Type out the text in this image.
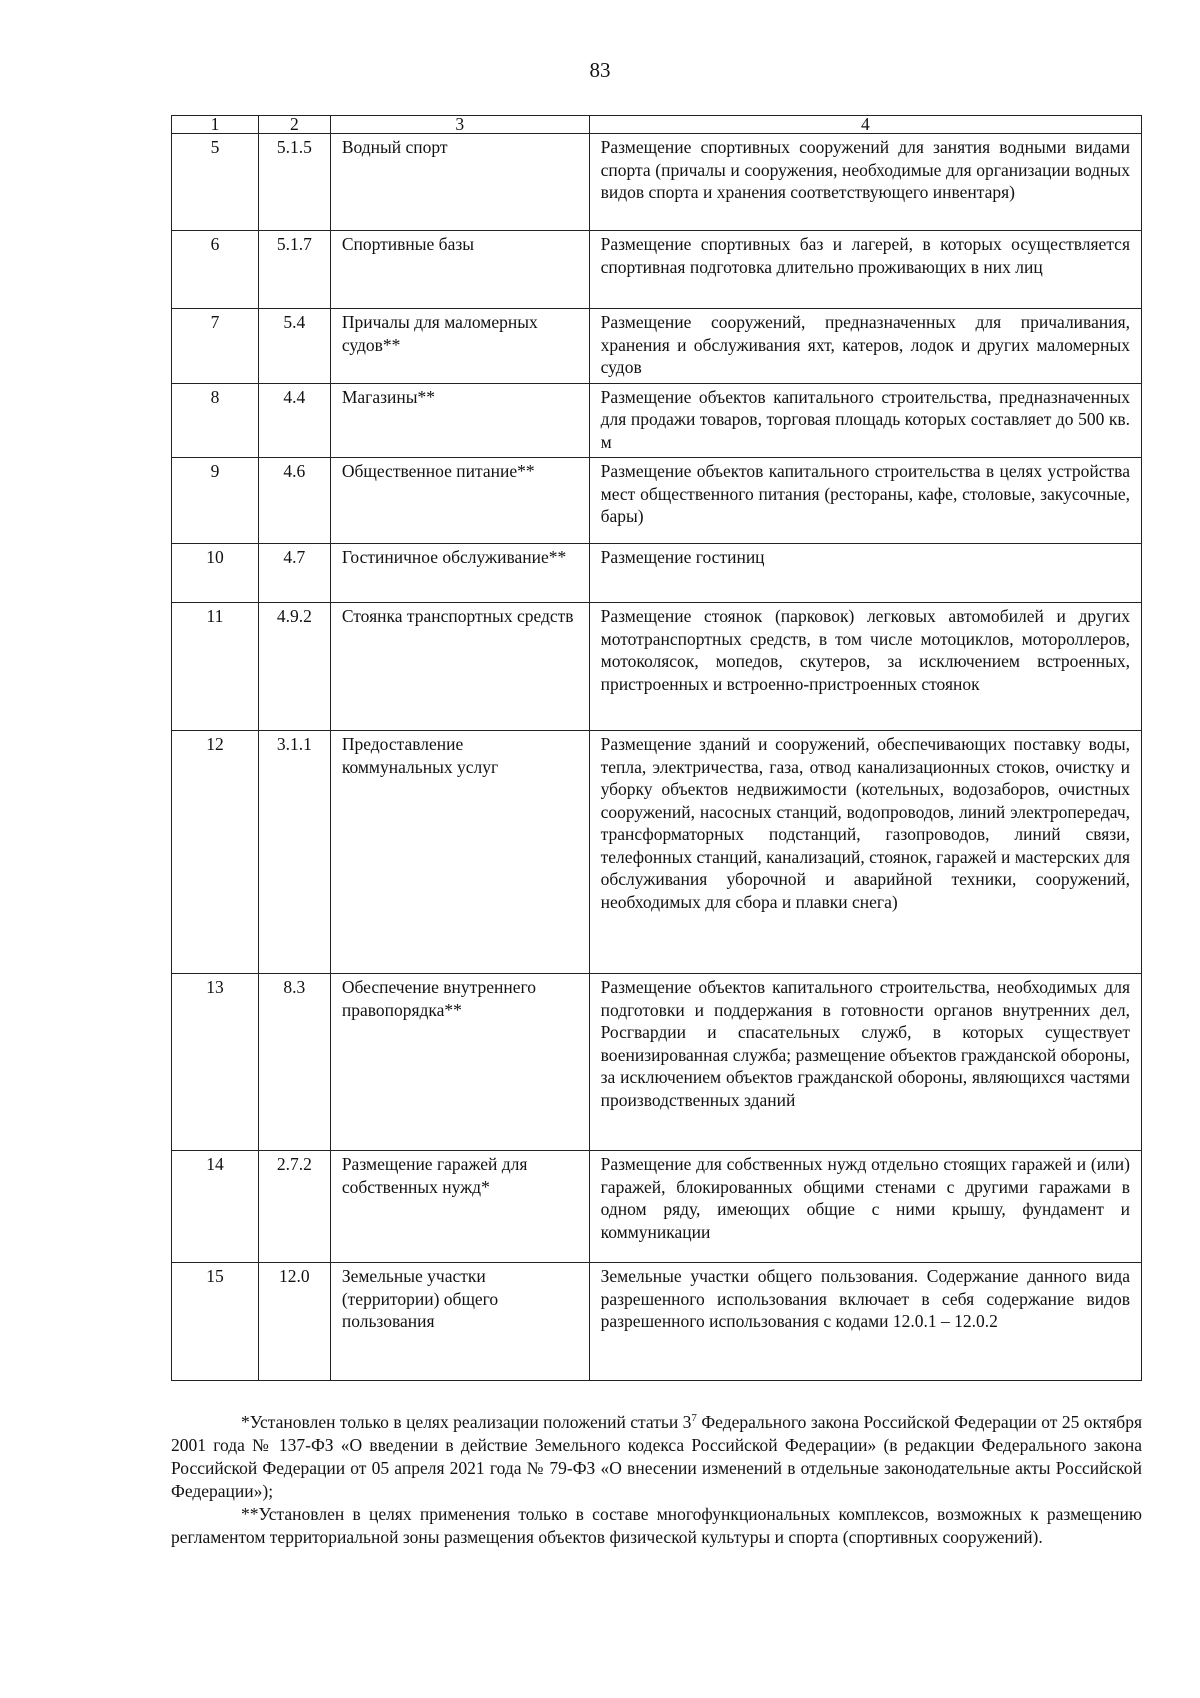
83
1	2	3	4
5	5.1.5	Водный спорт	Размещение спортивных сооружений для занятия водными видами спорта (причалы и сооружения, необходимые для организации водных видов спорта и хранения соответствующего инвентаря)
6	5.1.7	Спортивные базы	Размещение спортивных баз и лагерей, в которых осуществляется спортивная подготовка длительно проживающих в них лиц
7	5.4	Причалы для маломерных судов**	Размещение сооружений, предназначенных для причаливания, хранения и обслуживания яхт, катеров, лодок и других маломерных судов
8	4.4	Магазины**	Размещение объектов капитального строительства, предназначенных для продажи товаров, торговая площадь которых составляет до 500 кв. м
9	4.6	Общественное питание**	Размещение объектов капитального строительства в целях устройства мест общественного питания (рестораны, кафе, столовые, закусочные, бары)
10	4.7	Гостиничное обслуживание**	Размещение гостиниц
11	4.9.2	Стоянка транспортных средств	Размещение стоянок (парковок) легковых автомобилей и других мототранспортных средств, в том числе мотоциклов, мотороллеров, мотоколясок, мопедов, скутеров, за исключением встроенных, пристроенных и встроенно-пристроенных стоянок
12	3.1.1	Предоставление коммунальных услуг	Размещение зданий и сооружений, обеспечивающих поставку воды, тепла, электричества, газа, отвод канализационных стоков, очистку и уборку объектов недвижимости (котельных, водозаборов, очистных сооружений, насосных станций, водопроводов, линий электропередач, трансформаторных подстанций, газопроводов, линий связи, телефонных станций, канализаций, стоянок, гаражей и мастерских для обслуживания уборочной и аварийной техники, сооружений, необходимых для сбора и плавки снега)
13	8.3	Обеспечение внутреннего правопорядка**	Размещение объектов капитального строительства, необходимых для подготовки и поддержания в готовности органов внутренних дел, Росгвардии и спасательных служб, в которых существует военизированная служба; размещение объектов гражданской обороны, за исключением объектов гражданской обороны, являющихся частями производственных зданий
14	2.7.2	Размещение гаражей для собственных нужд*	Размещение для собственных нужд отдельно стоящих гаражей и (или) гаражей, блокированных общими стенами с другими гаражами в одном ряду, имеющих общие с ними крышу, фундамент и коммуникации
15	12.0	Земельные участки (территории) общего пользования	Земельные участки общего пользования. Содержание данного вида разрешенного использования включает в себя содержание видов разрешенного использования с кодами 12.0.1 – 12.0.2

*Установлен только в целях реализации положений статьи $3^7$ Федерального закона Российской Федерации от 25 октября 2001 года № 137-ФЗ «О введении в действие Земельного кодекса Российской Федерации» (в редакции Федерального закона Российской Федерации от 05 апреля 2021 года № 79-ФЗ «О внесении изменений в отдельные законодательные акты Российской Федерации»);

**Установлен в целях применения только в составе многофункциональных комплексов, возможных к размещению регламентом территориальной зоны размещения объектов физической культуры и спорта (спортивных сооружений).
